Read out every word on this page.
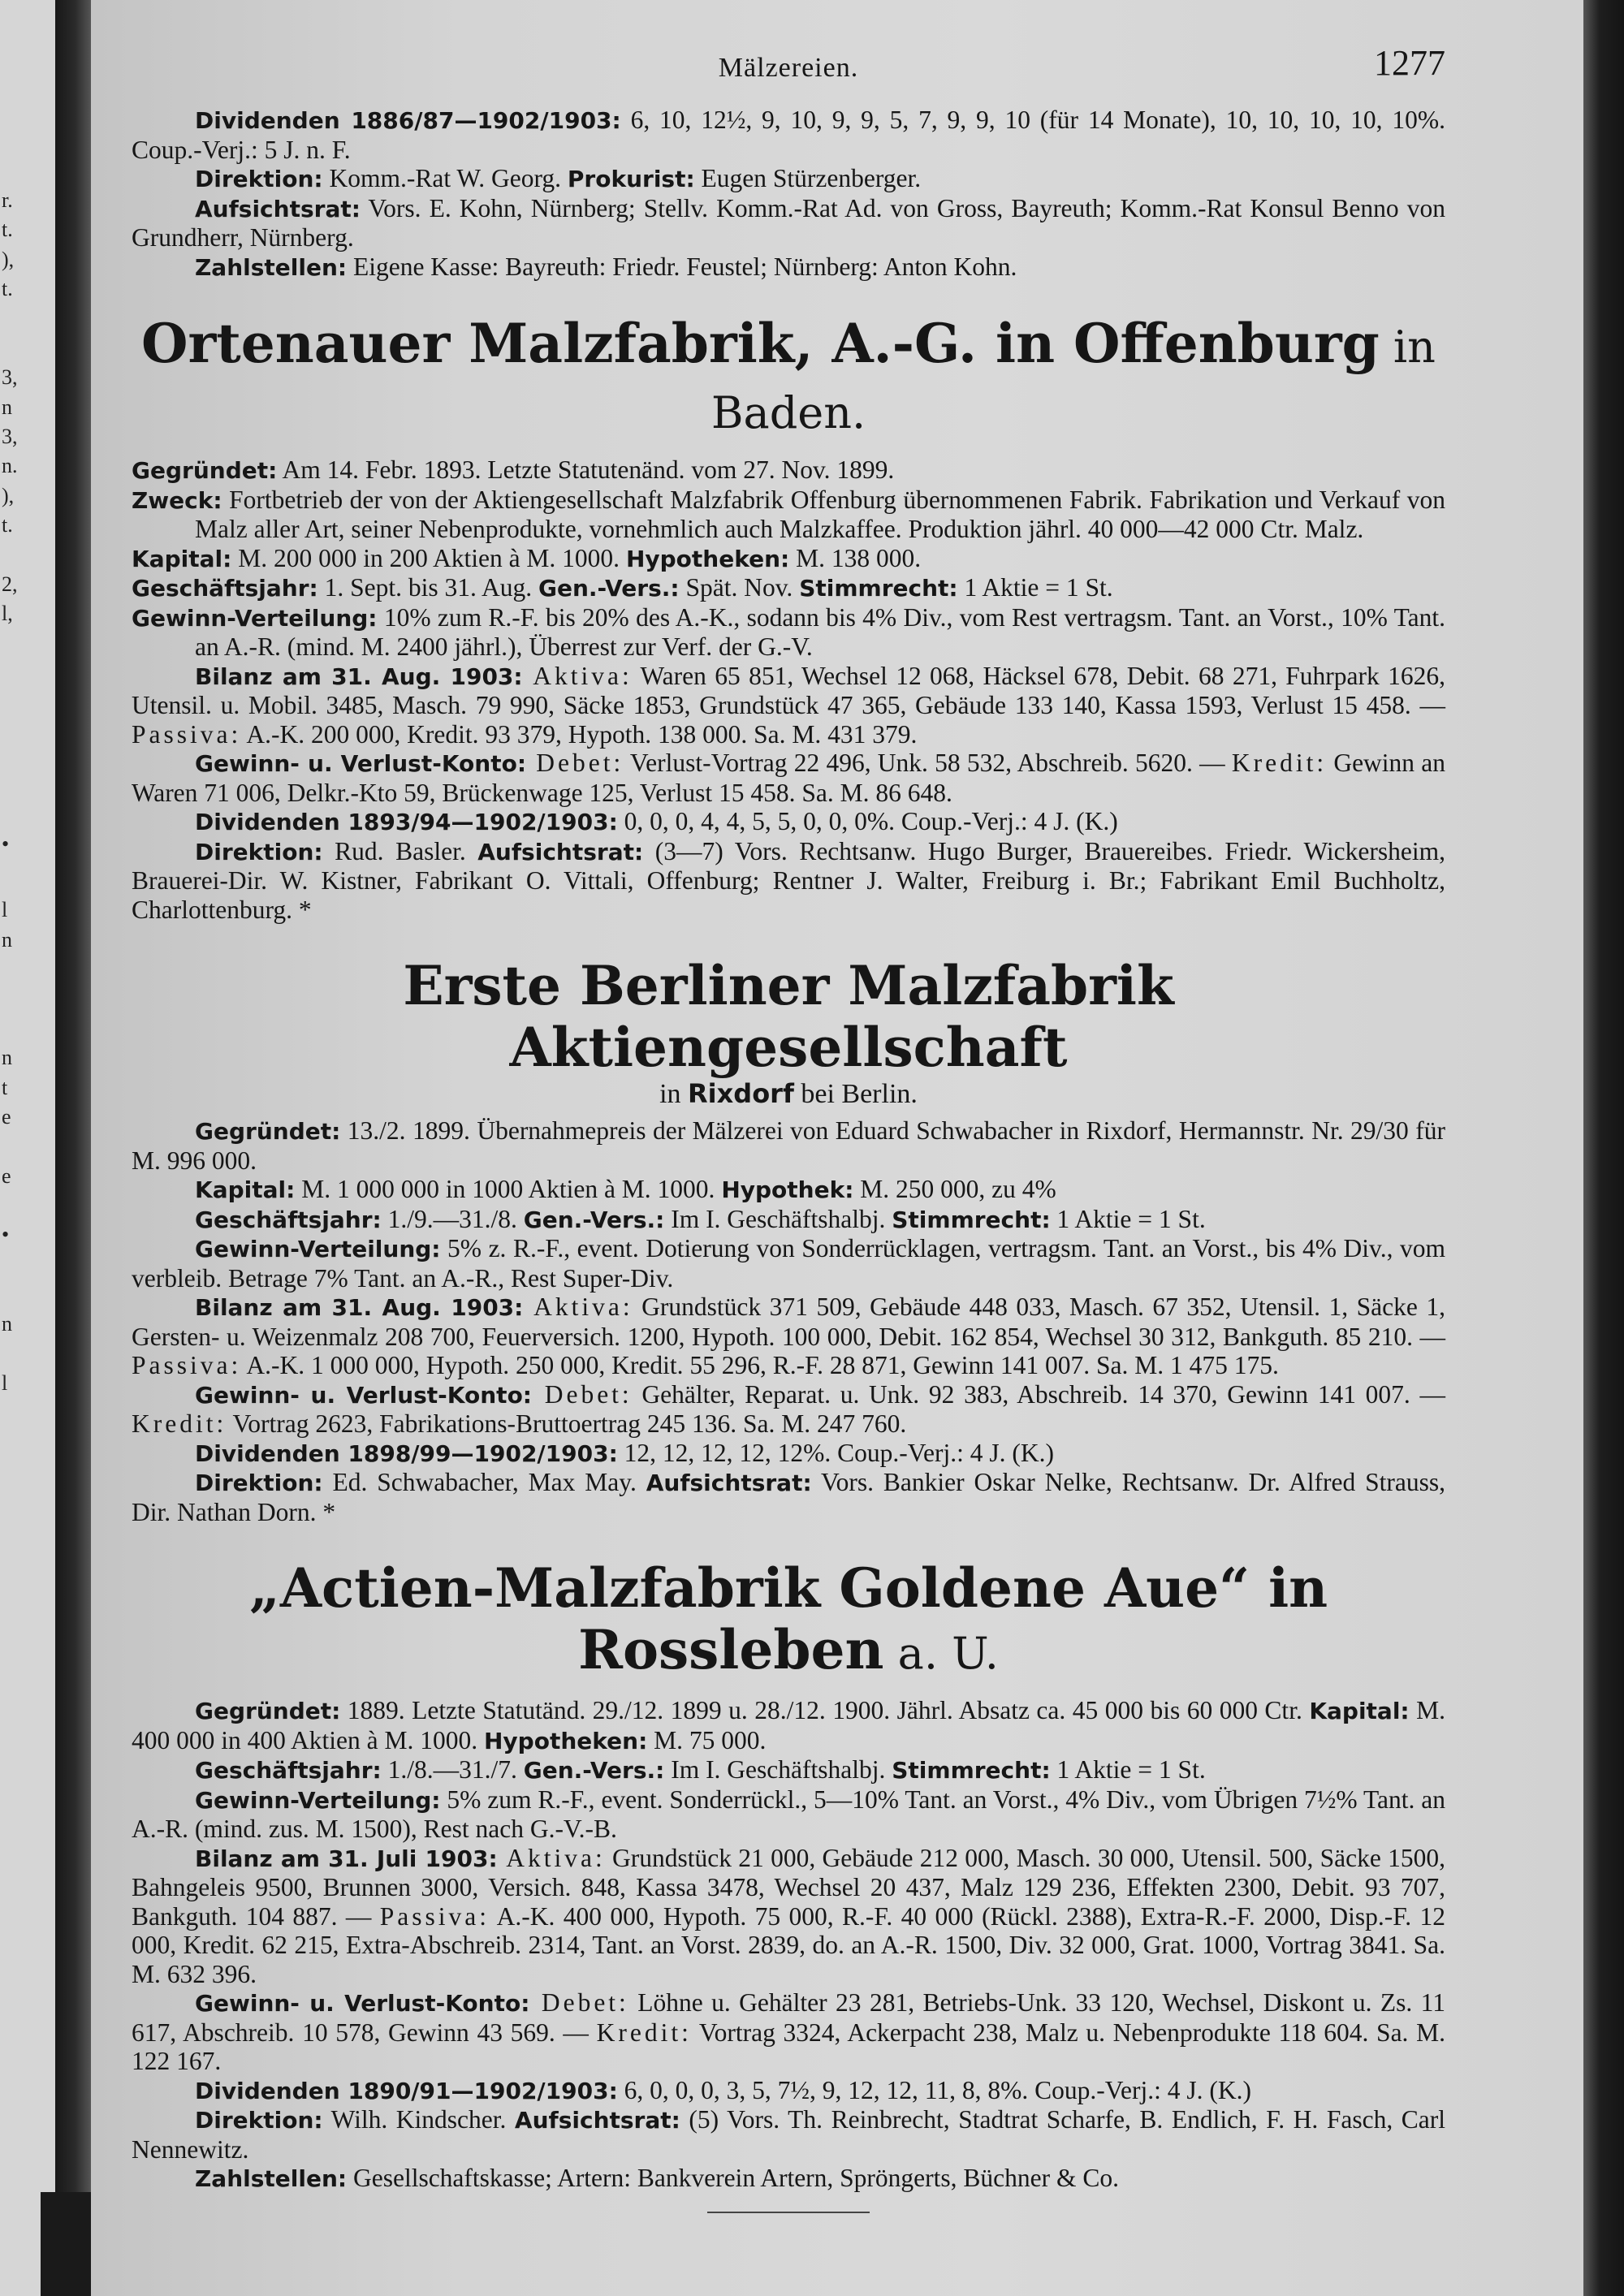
r.
t.
),
t.
3,
n
3,
n.
),
t.
2,
l,
•
l
n
n
t
e
e
•
n
l
Mälzereien.	1277

Dividenden 1886/87—1902/1903: 6, 10, 12½, 9, 10, 9, 9, 5, 7, 9, 9, 10 (für 14 Monate), 10, 10, 10, 10, 10%. Coup.-Verj.: 5 J. n. F.

Direktion: Komm.-Rat W. Georg. Prokurist: Eugen Stürzenberger.

Aufsichtsrat: Vors. E. Kohn, Nürnberg; Stellv. Komm.-Rat Ad. von Gross, Bayreuth; Komm.-Rat Konsul Benno von Grundherr, Nürnberg.

Zahlstellen: Eigene Kasse: Bayreuth: Friedr. Feustel; Nürnberg: Anton Kohn.

Ortenauer Malzfabrik, A.-G. in Offenburg in Baden.

Gegründet: Am 14. Febr. 1893. Letzte Statutenänd. vom 27. Nov. 1899.

Zweck: Fortbetrieb der von der Aktiengesellschaft Malzfabrik Offenburg übernommenen Fabrik. Fabrikation und Verkauf von Malz aller Art, seiner Nebenprodukte, vornehmlich auch Malzkaffee. Produktion jährl. 40 000—42 000 Ctr. Malz.

Kapital: M. 200 000 in 200 Aktien à M. 1000. Hypotheken: M. 138 000.

Geschäftsjahr: 1. Sept. bis 31. Aug. Gen.-Vers.: Spät. Nov. Stimmrecht: 1 Aktie = 1 St.

Gewinn-Verteilung: 10% zum R.-F. bis 20% des A.-K., sodann bis 4% Div., vom Rest vertragsm. Tant. an Vorst., 10% Tant. an A.-R. (mind. M. 2400 jährl.), Überrest zur Verf. der G.-V.

Bilanz am 31. Aug. 1903: Aktiva: Waren 65 851, Wechsel 12 068, Häcksel 678, Debit. 68 271, Fuhrpark 1626, Utensil. u. Mobil. 3485, Masch. 79 990, Säcke 1853, Grundstück 47 365, Gebäude 133 140, Kassa 1593, Verlust 15 458. — Passiva: A.-K. 200 000, Kredit. 93 379, Hypoth. 138 000. Sa. M. 431 379.

Gewinn- u. Verlust-Konto: Debet: Verlust-Vortrag 22 496, Unk. 58 532, Abschreib. 5620. — Kredit: Gewinn an Waren 71 006, Delkr.-Kto 59, Brückenwage 125, Verlust 15 458. Sa. M. 86 648.

Dividenden 1893/94—1902/1903: 0, 0, 0, 4, 4, 5, 5, 0, 0, 0%. Coup.-Verj.: 4 J. (K.)

Direktion: Rud. Basler. Aufsichtsrat: (3—7) Vors. Rechtsanw. Hugo Burger, Brauereibes. Friedr. Wickersheim, Brauerei-Dir. W. Kistner, Fabrikant O. Vittali, Offenburg; Rentner J. Walter, Freiburg i. Br.; Fabrikant Emil Buchholtz, Charlottenburg. *

Erste Berliner Malzfabrik Aktiengesellschaft
in Rixdorf bei Berlin.

Gegründet: 13./2. 1899. Übernahmepreis der Mälzerei von Eduard Schwabacher in Rixdorf, Hermannstr. Nr. 29/30 für M. 996 000.

Kapital: M. 1 000 000 in 1000 Aktien à M. 1000. Hypothek: M. 250 000, zu 4%

Geschäftsjahr: 1./9.—31./8. Gen.-Vers.: Im I. Geschäftshalbj. Stimmrecht: 1 Aktie = 1 St.

Gewinn-Verteilung: 5% z. R.-F., event. Dotierung von Sonderrücklagen, vertragsm. Tant. an Vorst., bis 4% Div., vom verbleib. Betrage 7% Tant. an A.-R., Rest Super-Div.

Bilanz am 31. Aug. 1903: Aktiva: Grundstück 371 509, Gebäude 448 033, Masch. 67 352, Utensil. 1, Säcke 1, Gersten- u. Weizenmalz 208 700, Feuerversich. 1200, Hypoth. 100 000, Debit. 162 854, Wechsel 30 312, Bankguth. 85 210. — Passiva: A.-K. 1 000 000, Hypoth. 250 000, Kredit. 55 296, R.-F. 28 871, Gewinn 141 007. Sa. M. 1 475 175.

Gewinn- u. Verlust-Konto: Debet: Gehälter, Reparat. u. Unk. 92 383, Abschreib. 14 370, Gewinn 141 007. — Kredit: Vortrag 2623, Fabrikations-Bruttoertrag 245 136. Sa. M. 247 760.

Dividenden 1898/99—1902/1903: 12, 12, 12, 12, 12%. Coup.-Verj.: 4 J. (K.)

Direktion: Ed. Schwabacher, Max May. Aufsichtsrat: Vors. Bankier Oskar Nelke, Rechtsanw. Dr. Alfred Strauss, Dir. Nathan Dorn. *

„Actien-Malzfabrik Goldene Aue“ in Rossleben a. U.

Gegründet: 1889. Letzte Statutänd. 29./12. 1899 u. 28./12. 1900. Jährl. Absatz ca. 45 000 bis 60 000 Ctr. Kapital: M. 400 000 in 400 Aktien à M. 1000. Hypotheken: M. 75 000.

Geschäftsjahr: 1./8.—31./7. Gen.-Vers.: Im I. Geschäftshalbj. Stimmrecht: 1 Aktie = 1 St.

Gewinn-Verteilung: 5% zum R.-F., event. Sonderrückl., 5—10% Tant. an Vorst., 4% Div., vom Übrigen 7½% Tant. an A.-R. (mind. zus. M. 1500), Rest nach G.-V.-B.

Bilanz am 31. Juli 1903: Aktiva: Grundstück 21 000, Gebäude 212 000, Masch. 30 000, Utensil. 500, Säcke 1500, Bahngeleis 9500, Brunnen 3000, Versich. 848, Kassa 3478, Wechsel 20 437, Malz 129 236, Effekten 2300, Debit. 93 707, Bankguth. 104 887. — Passiva: A.-K. 400 000, Hypoth. 75 000, R.-F. 40 000 (Rückl. 2388), Extra-R.-F. 2000, Disp.-F. 12 000, Kredit. 62 215, Extra-Abschreib. 2314, Tant. an Vorst. 2839, do. an A.-R. 1500, Div. 32 000, Grat. 1000, Vortrag 3841. Sa. M. 632 396.

Gewinn- u. Verlust-Konto: Debet: Löhne u. Gehälter 23 281, Betriebs-Unk. 33 120, Wechsel, Diskont u. Zs. 11 617, Abschreib. 10 578, Gewinn 43 569. — Kredit: Vortrag 3324, Ackerpacht 238, Malz u. Nebenprodukte 118 604. Sa. M. 122 167.

Dividenden 1890/91—1902/1903: 6, 0, 0, 0, 3, 5, 7½, 9, 12, 12, 11, 8, 8%. Coup.-Verj.: 4 J. (K.)

Direktion: Wilh. Kindscher. Aufsichtsrat: (5) Vors. Th. Reinbrecht, Stadtrat Scharfe, B. Endlich, F. H. Fasch, Carl Nennewitz.

Zahlstellen: Gesellschaftskasse; Artern: Bankverein Artern, Spröngerts, Büchner & Co.
